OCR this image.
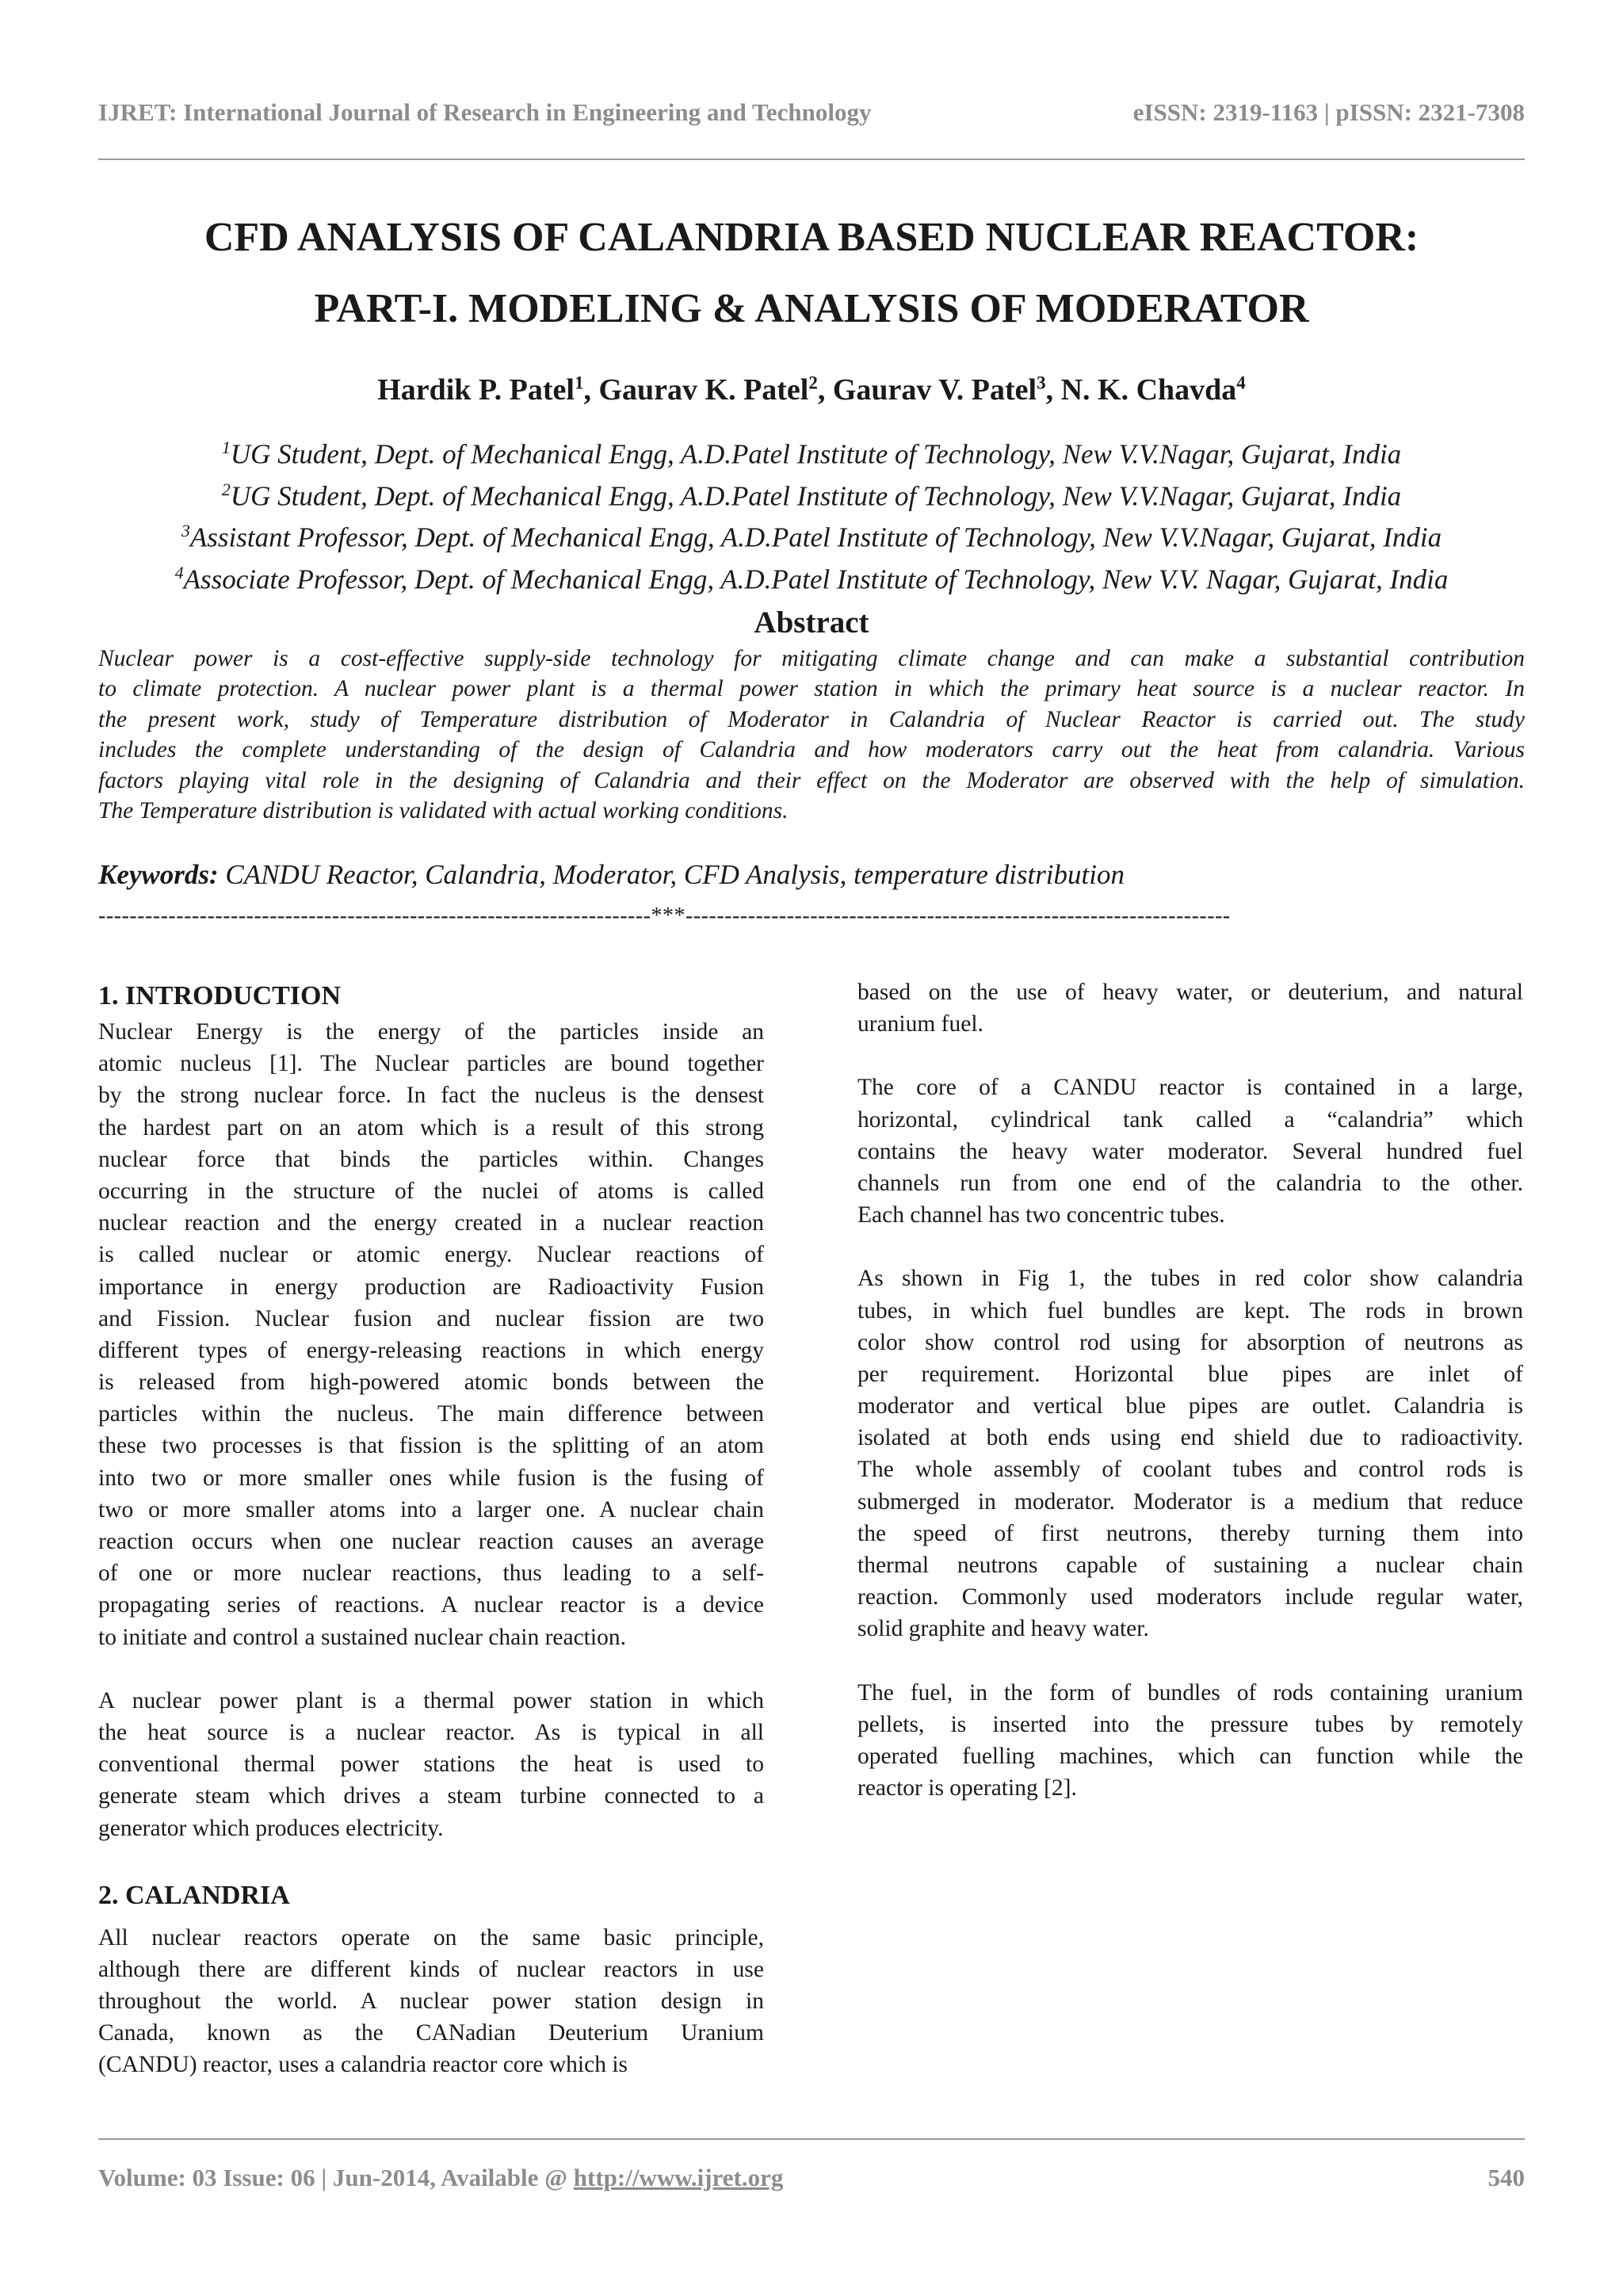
IJRET: International Journal of Research in Engineering and Technology	eISSN: 2319-1163 | pISSN: 2321-7308
CFD ANALYSIS OF CALANDRIA BASED NUCLEAR REACTOR:
PART-I. MODELING & ANALYSIS OF MODERATOR
Hardik P. Patel$^1$, Gaurav K. Patel$^2$, Gaurav V. Patel$^3$, N. K. Chavda$^4$
$^1$UG Student, Dept. of Mechanical Engg, A.D.Patel Institute of Technology, New V.V.Nagar, Gujarat, India
$^2$UG Student, Dept. of Mechanical Engg, A.D.Patel Institute of Technology, New V.V.Nagar, Gujarat, India
$^3$Assistant Professor, Dept. of Mechanical Engg, A.D.Patel Institute of Technology, New V.V.Nagar, Gujarat, India
$^4$Associate Professor, Dept. of Mechanical Engg, A.D.Patel Institute of Technology, New V.V. Nagar, Gujarat, India
Abstract
Nuclear power is a cost-effective supply-side technology for mitigating climate change and can make a substantial contribution
to climate protection. A nuclear power plant is a thermal power station in which the primary heat source is a nuclear reactor. In
the present work, study of Temperature distribution of Moderator in Calandria of Nuclear Reactor is carried out. The study
includes the complete understanding of the design of Calandria and how moderators carry out the heat from calandria. Various
factors playing vital role in the designing of Calandria and their effect on the Moderator are observed with the help of simulation.
The Temperature distribution is validated with actual working conditions.
Keywords: CANDU Reactor, Calandria, Moderator, CFD Analysis, temperature distribution
-----------------------------------------------------------------------***----------------------------------------------------------------------
1. INTRODUCTION
Nuclear Energy is the energy of the particles inside an
atomic nucleus [1]. The Nuclear particles are bound together
by the strong nuclear force. In fact the nucleus is the densest
the hardest part on an atom which is a result of this strong
nuclear force that binds the particles within. Changes
occurring in the structure of the nuclei of atoms is called
nuclear reaction and the energy created in a nuclear reaction
is called nuclear or atomic energy. Nuclear reactions of
importance in energy production are Radioactivity Fusion
and Fission. Nuclear fusion and nuclear fission are two
different types of energy-releasing reactions in which energy
is released from high-powered atomic bonds between the
particles within the nucleus. The main difference between
these two processes is that fission is the splitting of an atom
into two or more smaller ones while fusion is the fusing of
two or more smaller atoms into a larger one. A nuclear chain
reaction occurs when one nuclear reaction causes an average
of one or more nuclear reactions, thus leading to a self-
propagating series of reactions. A nuclear reactor is a device
to initiate and control a sustained nuclear chain reaction.
A nuclear power plant is a thermal power station in which
the heat source is a nuclear reactor. As is typical in all
conventional thermal power stations the heat is used to
generate steam which drives a steam turbine connected to a
generator which produces electricity.
2. CALANDRIA
All nuclear reactors operate on the same basic principle,
although there are different kinds of nuclear reactors in use
throughout the world. A nuclear power station design in
Canada, known as the CANadian Deuterium Uranium
(CANDU) reactor, uses a calandria reactor core which is
based on the use of heavy water, or deuterium, and natural
uranium fuel.
The core of a CANDU reactor is contained in a large,
horizontal, cylindrical tank called a “calandria” which
contains the heavy water moderator. Several hundred fuel
channels run from one end of the calandria to the other.
Each channel has two concentric tubes.
As shown in Fig 1, the tubes in red color show calandria
tubes, in which fuel bundles are kept. The rods in brown
color show control rod using for absorption of neutrons as
per requirement. Horizontal blue pipes are inlet of
moderator and vertical blue pipes are outlet. Calandria is
isolated at both ends using end shield due to radioactivity.
The whole assembly of coolant tubes and control rods is
submerged in moderator. Moderator is a medium that reduce
the speed of first neutrons, thereby turning them into
thermal neutrons capable of sustaining a nuclear chain
reaction. Commonly used moderators include regular water,
solid graphite and heavy water.
The fuel, in the form of bundles of rods containing uranium
pellets, is inserted into the pressure tubes by remotely
operated fuelling machines, which can function while the
reactor is operating [2].
Volume: 03 Issue: 06 | Jun-2014, Available @ http://www.ijret.org	540
